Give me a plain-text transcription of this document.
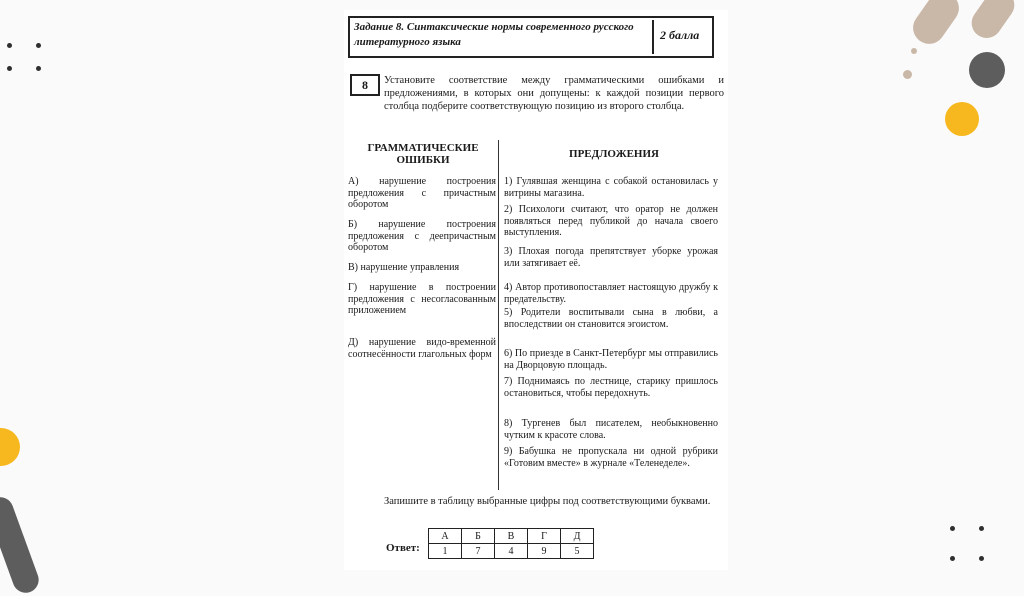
Задание 8. Синтаксические нормы современного русского литературного языка	2 балла
8	Установите соответствие между грамматическими ошибками и предложениями, в которых они допущены: к каждой позиции первого столбца подберите соответствующую позицию из второго столбца.
ГРАММАТИЧЕСКИЕ ОШИБКИ	ПРЕДЛОЖЕНИЯ
А) нарушение построения предложения с причастным оборотом
Б) нарушение построения предложения с деепричастным оборотом
В) нарушение управления
Г) нарушение в построении предложения с несогласованным приложением
Д) нарушение видо-временной соотнесённости глагольных форм
1) Гулявшая женщина с собакой остановилась у витрины магазина.
2) Психологи считают, что оратор не должен появляться перед публикой до начала своего выступления.
3) Плохая погода препятствует уборке урожая или затягивает её.
4) Автор противопоставляет настоящую дружбу к предательству.
5) Родители воспитывали сына в любви, а впоследствии он становится эгоистом.
6) По приезде в Санкт-Петербург мы отправились на Дворцовую площадь.
7) Поднимаясь по лестнице, старику пришлось остановиться, чтобы передохнуть.
8) Тургенев был писателем, необыкновенно чутким к красоте слова.
9) Бабушка не пропускала ни одной рубрики «Готовим вместе» в журнале «Теленеделе».
Запишите в таблицу выбранные цифры под соответствующими буквами.
Ответ:
А	Б	В	Г	Д
1	7	4	9	5
